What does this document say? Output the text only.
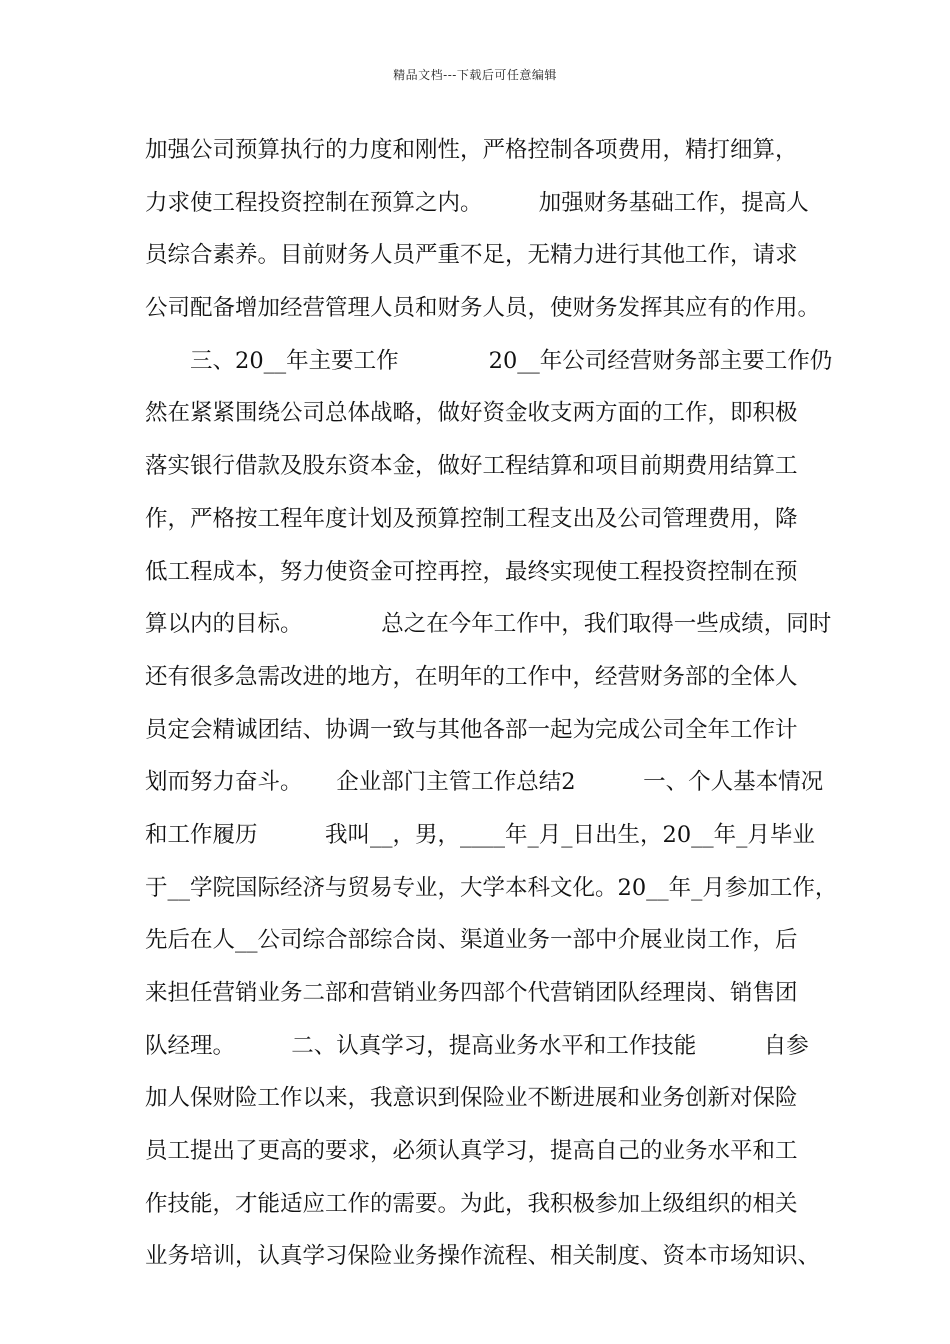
精品文档---下载后可任意编辑
加强公司预算执行的力度和刚性，严格控制各项费用，精打细算，
力求使工程投资控制在预算之内。　　　加强财务基础工作，提高人
员综合素养。目前财务人员严重不足，无精力进行其他工作，请求
公司配备增加经营管理人员和财务人员，使财务发挥其应有的作用。
　　三、20__年主要工作　　　　20__年公司经营财务部主要工作仍
然在紧紧围绕公司总体战略，做好资金收支两方面的工作，即积极
落实银行借款及股东资本金，做好工程结算和项目前期费用结算工
作，严格按工程年度计划及预算控制工程支出及公司管理费用，降
低工程成本，努力使资金可控再控，最终实现使工程投资控制在预
算以内的目标。　　　　总之在今年工作中，我们取得一些成绩，同时
还有很多急需改进的地方，在明年的工作中，经营财务部的全体人
员定会精诚团结、协调一致与其他各部一起为完成公司全年工作计
划而努力奋斗。　　企业部门主管工作总结2　　　一、个人基本情况
和工作履历　　　我叫__，男，____年_月_日出生，20__年_月毕业
于__学院国际经济与贸易专业，大学本科文化。20__年_月参加工作，
先后在人__公司综合部综合岗、渠道业务一部中介展业岗工作，后
来担任营销业务二部和营销业务四部个代营销团队经理岗、销售团
队经理。　　　二、认真学习，提高业务水平和工作技能　　　自参
加人保财险工作以来，我意识到保险业不断进展和业务创新对保险
员工提出了更高的要求，必须认真学习，提高自己的业务水平和工
作技能，才能适应工作的需要。为此，我积极参加上级组织的相关
业务培训，认真学习保险业务操作流程、相关制度、资本市场知识、
